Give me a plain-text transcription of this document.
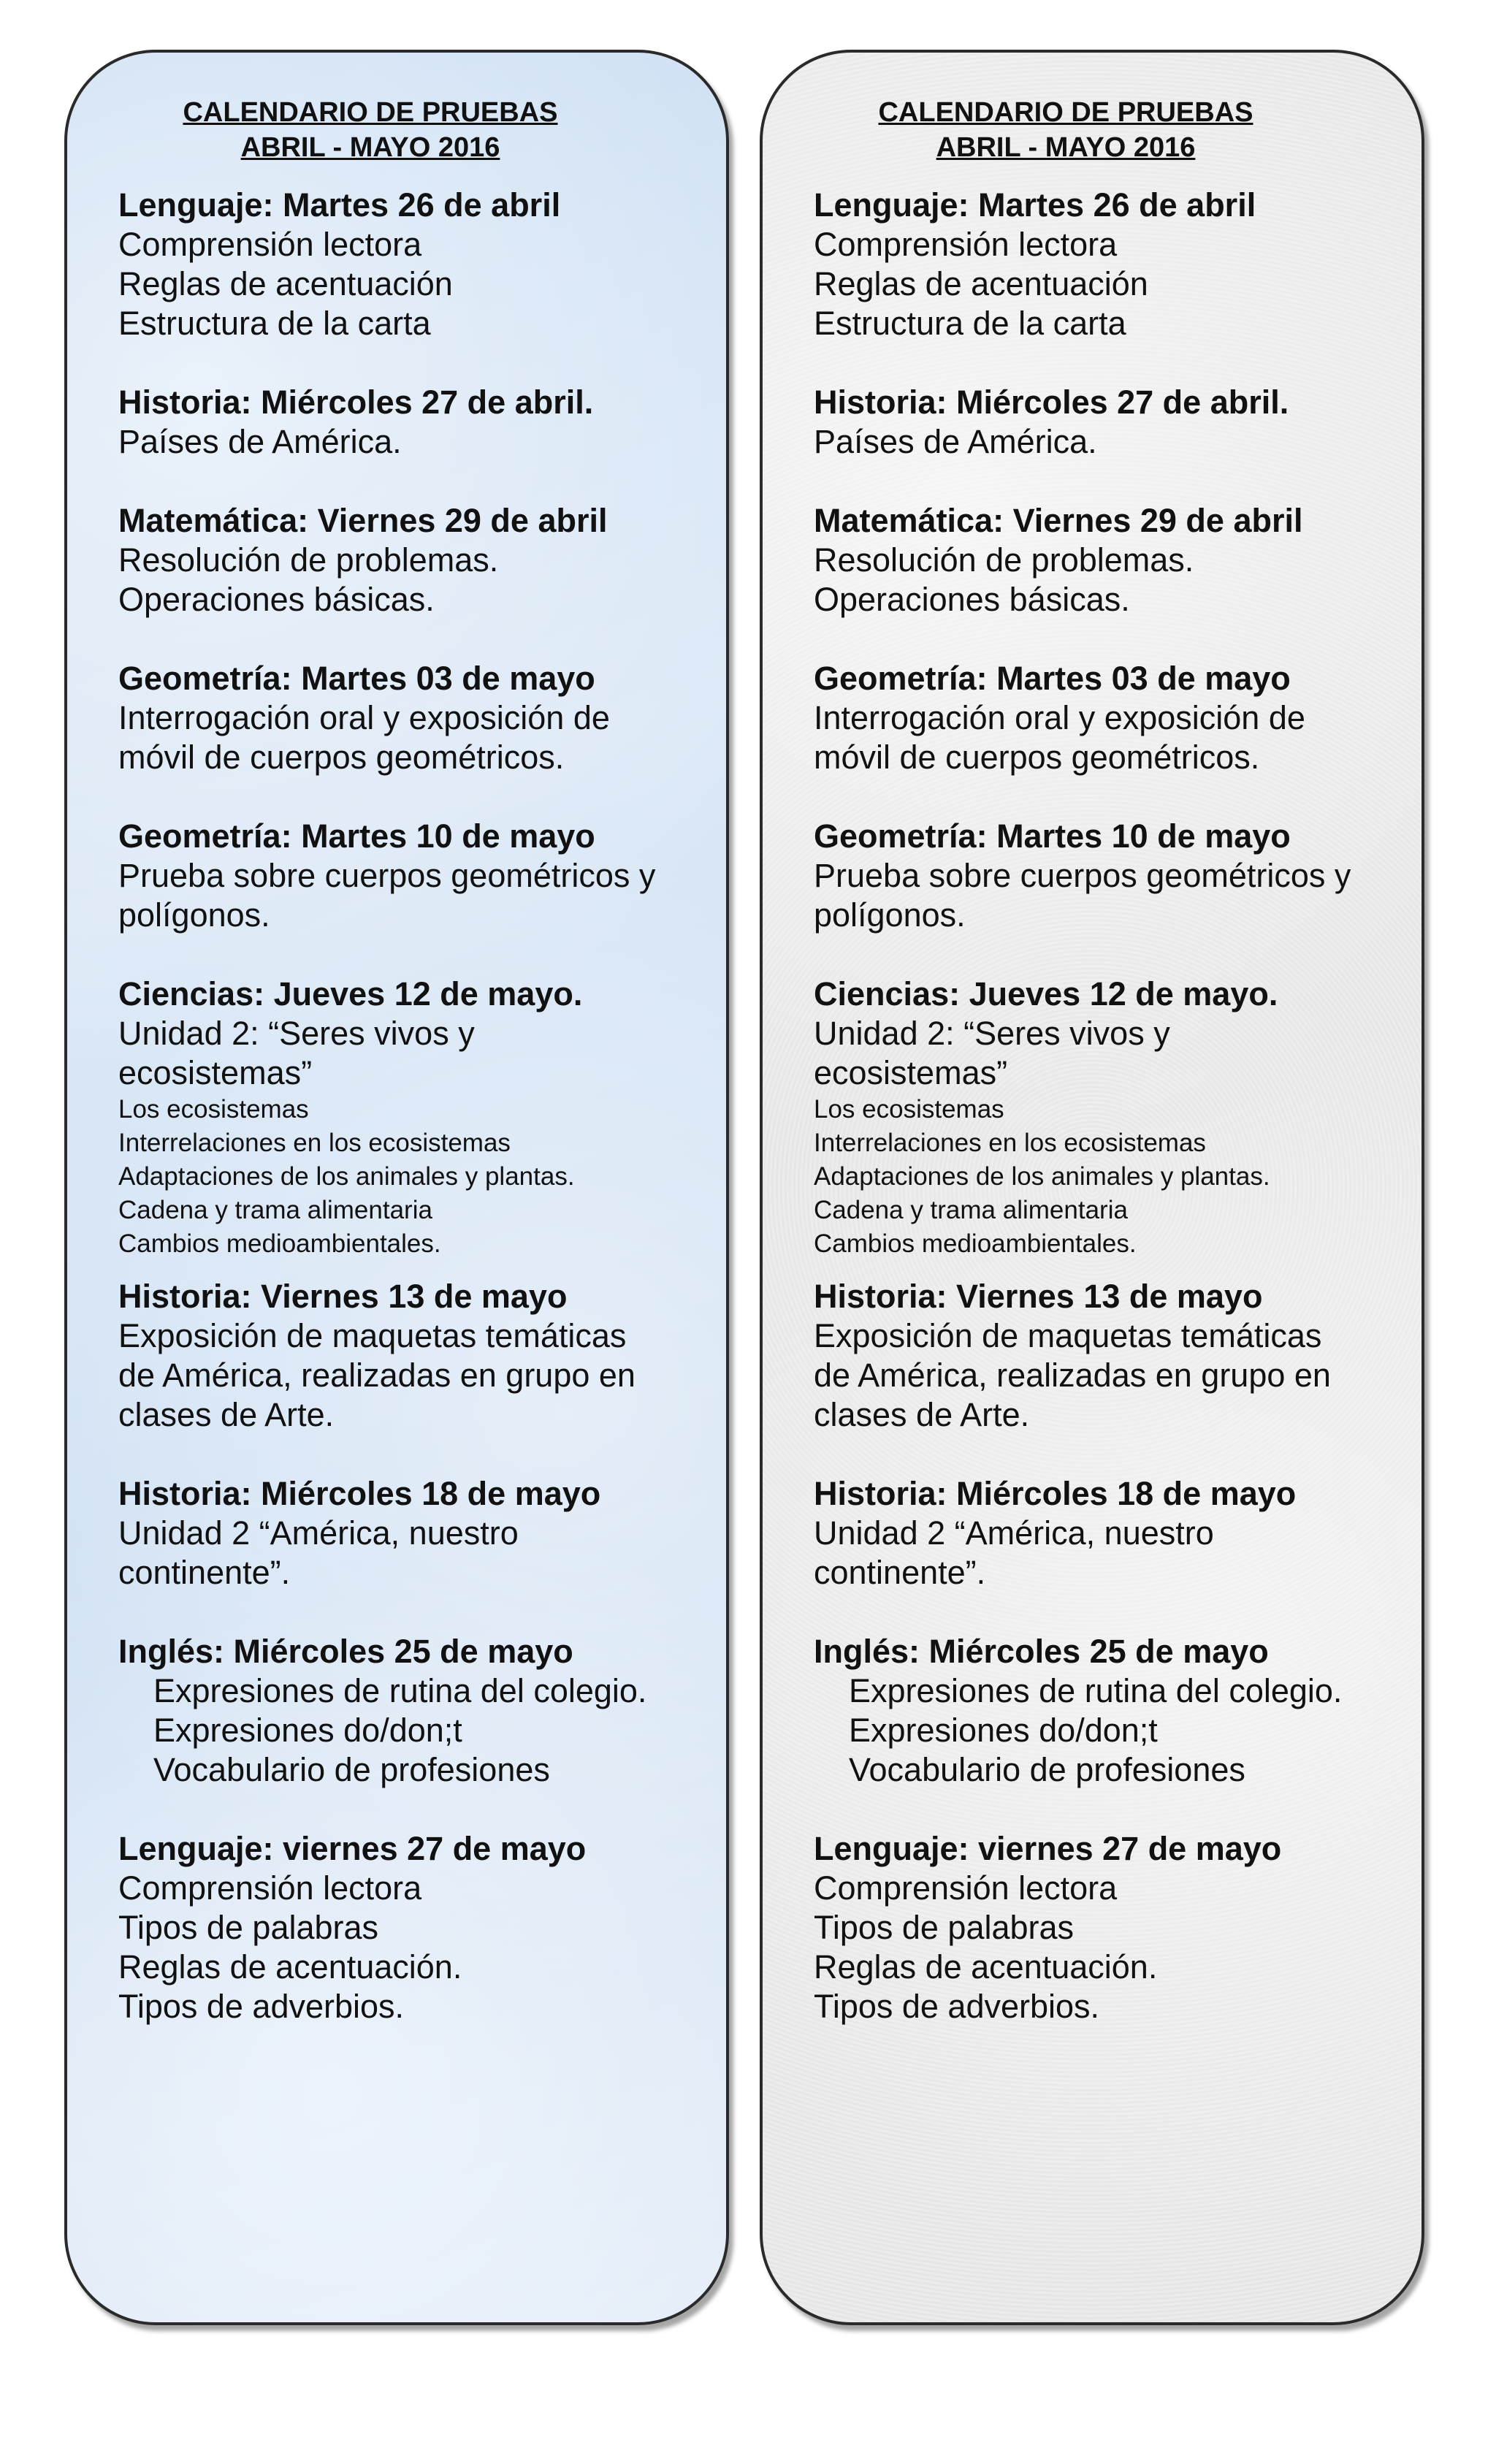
CALENDARIO DE PRUEBAS
ABRIL - MAYO 2016

Lenguaje: Martes 26 de abril

Comprensión lectora

Reglas de acentuación

Estructura de la carta

Historia: Miércoles 27 de abril.

Países de América.

Matemática: Viernes 29 de abril

Resolución de problemas.

Operaciones básicas.

Geometría: Martes 03 de mayo

Interrogación oral y exposición de

móvil de cuerpos geométricos.

Geometría: Martes 10 de mayo

Prueba sobre cuerpos geométricos y

polígonos.

Ciencias: Jueves 12 de mayo.

Unidad 2: “Seres vivos y

ecosistemas”

Los ecosistemas

Interrelaciones en los ecosistemas

Adaptaciones de los animales y plantas.

Cadena y trama alimentaria

Cambios medioambientales.

Historia: Viernes 13 de mayo

Exposición de maquetas temáticas

de América, realizadas en grupo en

clases de Arte.

Historia: Miércoles 18 de mayo

Unidad 2 “América, nuestro

continente”.

Inglés: Miércoles 25 de mayo

Expresiones de rutina del colegio.

Expresiones do/don;t

Vocabulario de profesiones

Lenguaje: viernes 27 de mayo

Comprensión lectora

Tipos de palabras

Reglas de acentuación.

Tipos de adverbios.

CALENDARIO DE PRUEBAS
ABRIL - MAYO 2016

Lenguaje: Martes 26 de abril

Comprensión lectora

Reglas de acentuación

Estructura de la carta

Historia: Miércoles 27 de abril.

Países de América.

Matemática: Viernes 29 de abril

Resolución de problemas.

Operaciones básicas.

Geometría: Martes 03 de mayo

Interrogación oral y exposición de

móvil de cuerpos geométricos.

Geometría: Martes 10 de mayo

Prueba sobre cuerpos geométricos y

polígonos.

Ciencias: Jueves 12 de mayo.

Unidad 2: “Seres vivos y

ecosistemas”

Los ecosistemas

Interrelaciones en los ecosistemas

Adaptaciones de los animales y plantas.

Cadena y trama alimentaria

Cambios medioambientales.

Historia: Viernes 13 de mayo

Exposición de maquetas temáticas

de América, realizadas en grupo en

clases de Arte.

Historia: Miércoles 18 de mayo

Unidad 2 “América, nuestro

continente”.

Inglés: Miércoles 25 de mayo

Expresiones de rutina del colegio.

Expresiones do/don;t

Vocabulario de profesiones

Lenguaje: viernes 27 de mayo

Comprensión lectora

Tipos de palabras

Reglas de acentuación.

Tipos de adverbios.
